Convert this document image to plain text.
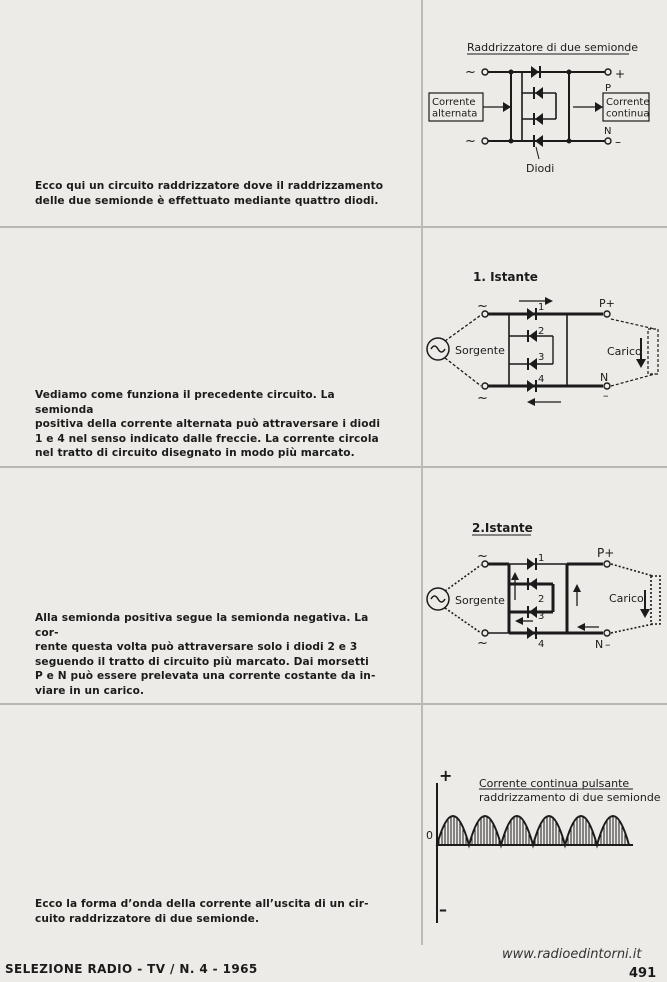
Ecco qui un circuito raddrizzatore dove il raddrizzamento
delle due semionde è effettuato mediante quattro diodi.
Vediamo come funziona il precedente circuito. La semionda
positiva della corrente alternata può attraversare i diodi
1 e 4 nel senso indicato dalle freccie. La corrente circola
nel tratto di circuito disegnato in modo più marcato.
Alla semionda positiva segue la semionda negativa. La cor-
rente questa volta può attraversare solo i diodi 2 e 3
seguendo il tratto di circuito più marcato. Dai morsetti
P e N può essere prelevata una corrente costante da in-
viare in un carico.
Ecco la forma d’onda della corrente all’uscita di un cir-
cuito raddrizzatore di due semionde.
Raddrizzatore di due semionde
~
~
Corrente alternata
Corrente continua
P
+
N
–
Diodi
1. Istante
~
~
Sorgente
1
2
3
4
P+
N
–
Carico
2.Istante
~
~
Sorgente
1
2
3
4
P+
N –
Carico
+
–
0
Corrente continua pulsante
raddrizzamento di due semionde
SELEZIONE RADIO - TV / N. 4 - 1965
www.radioedintorni.it
491
